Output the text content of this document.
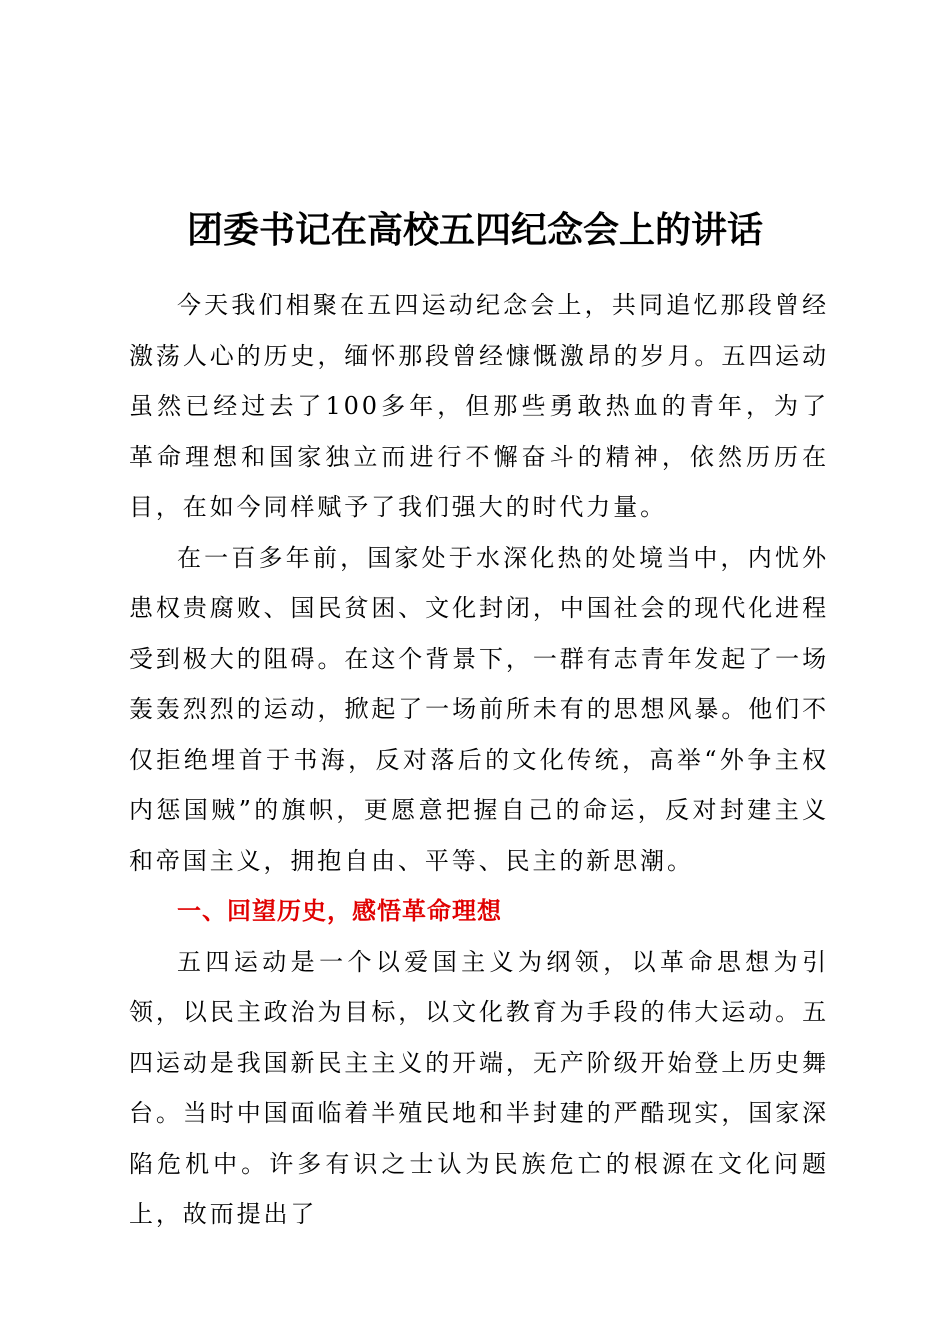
团委书记在高校五四纪念会上的讲话

今天我们相聚在五四运动纪念会上，共同追忆那段曾经激荡人心的历史，缅怀那段曾经慷慨激昂的岁月。五四运动虽然已经过去了100多年，但那些勇敢热血的青年，为了革命理想和国家独立而进行不懈奋斗的精神，依然历历在目，在如今同样赋予了我们强大的时代力量。

在一百多年前，国家处于水深化热的处境当中，内忧外患权贵腐败、国民贫困、文化封闭，中国社会的现代化进程受到极大的阻碍。在这个背景下，一群有志青年发起了一场轰轰烈烈的运动，掀起了一场前所未有的思想风暴。他们不仅拒绝埋首于书海，反对落后的文化传统，高举“外争主权内惩国贼”的旗帜，更愿意把握自己的命运，反对封建主义和帝国主义，拥抱自由、平等、民主的新思潮。

一、回望历史，感悟革命理想

五四运动是一个以爱国主义为纲领，以革命思想为引领，以民主政治为目标，以文化教育为手段的伟大运动。五四运动是我国新民主主义的开端，无产阶级开始登上历史舞台。当时中国面临着半殖民地和半封建的严酷现实，国家深陷危机中。许多有识之士认为民族危亡的根源在文化问题上，故而提出了
